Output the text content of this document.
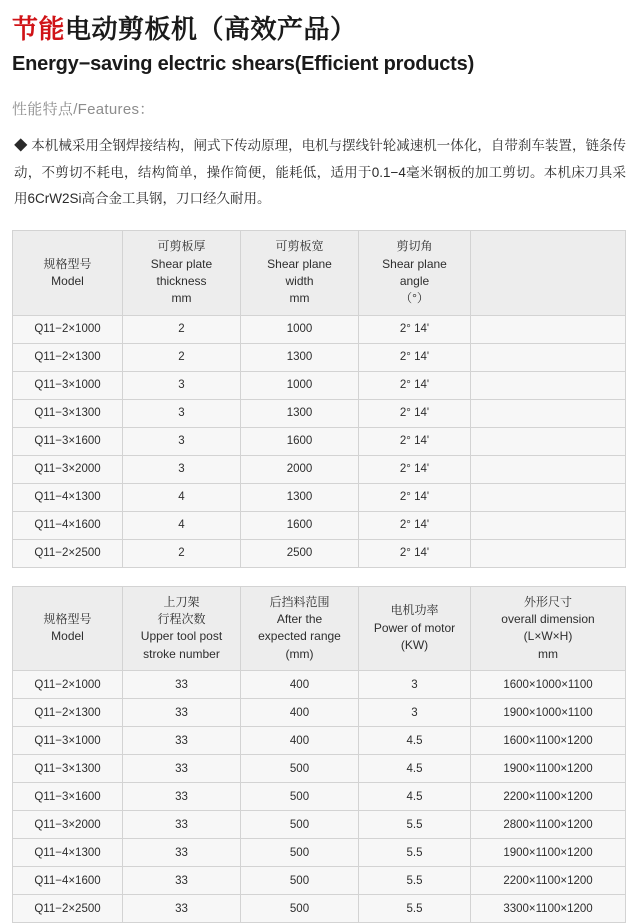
节能电动剪板机（高效产品）
Energy−saving electric shears(Efficient products)
性能特点/Features：

◆ 本机械采用全钢焊接结构，闸式下传动原理，电机与摆线针轮减速机一体化，自带刹车装置，链条传动，不剪切不耗电，结构简单，操作简便，能耗低，适用于0.1−4毫米钢板的加工剪切。本机床刀具采用6CrW2Si高合金工具钢，刀口经久耐用。

规格型号
Model

可剪板厚
Shear plate
thickness
mm

可剪板宽
Shear plane
width
mm

剪切角
Shear plane
angle
（°）

Q11−2×1000	2	1000	2° 14'	
Q11−2×1300	2	1300	2° 14'	
Q11−3×1000	3	1000	2° 14'	
Q11−3×1300	3	1300	2° 14'	
Q11−3×1600	3	1600	2° 14'	
Q11−3×2000	3	2000	2° 14'	
Q11−4×1300	4	1300	2° 14'	
Q11−4×1600	4	1600	2° 14'	
Q11−2×2500	2	2500	2° 14'	
规格型号
Model

上刀架
行程次数
Upper tool post
stroke number

后挡料范围
After the
expected range
(mm)

电机功率
Power of motor
(KW)

外形尺寸
overall dimension
(L×W×H)
mm

Q11−2×1000	33	400	3	1600×1000×1100
Q11−2×1300	33	400	3	1900×1000×1100
Q11−3×1000	33	400	4.5	1600×1100×1200
Q11−3×1300	33	500	4.5	1900×1100×1200
Q11−3×1600	33	500	4.5	2200×1100×1200
Q11−3×2000	33	500	5.5	2800×1100×1200
Q11−4×1300	33	500	5.5	1900×1100×1200
Q11−4×1600	33	500	5.5	2200×1100×1200
Q11−2×2500	33	500	5.5	3300×1100×1200
